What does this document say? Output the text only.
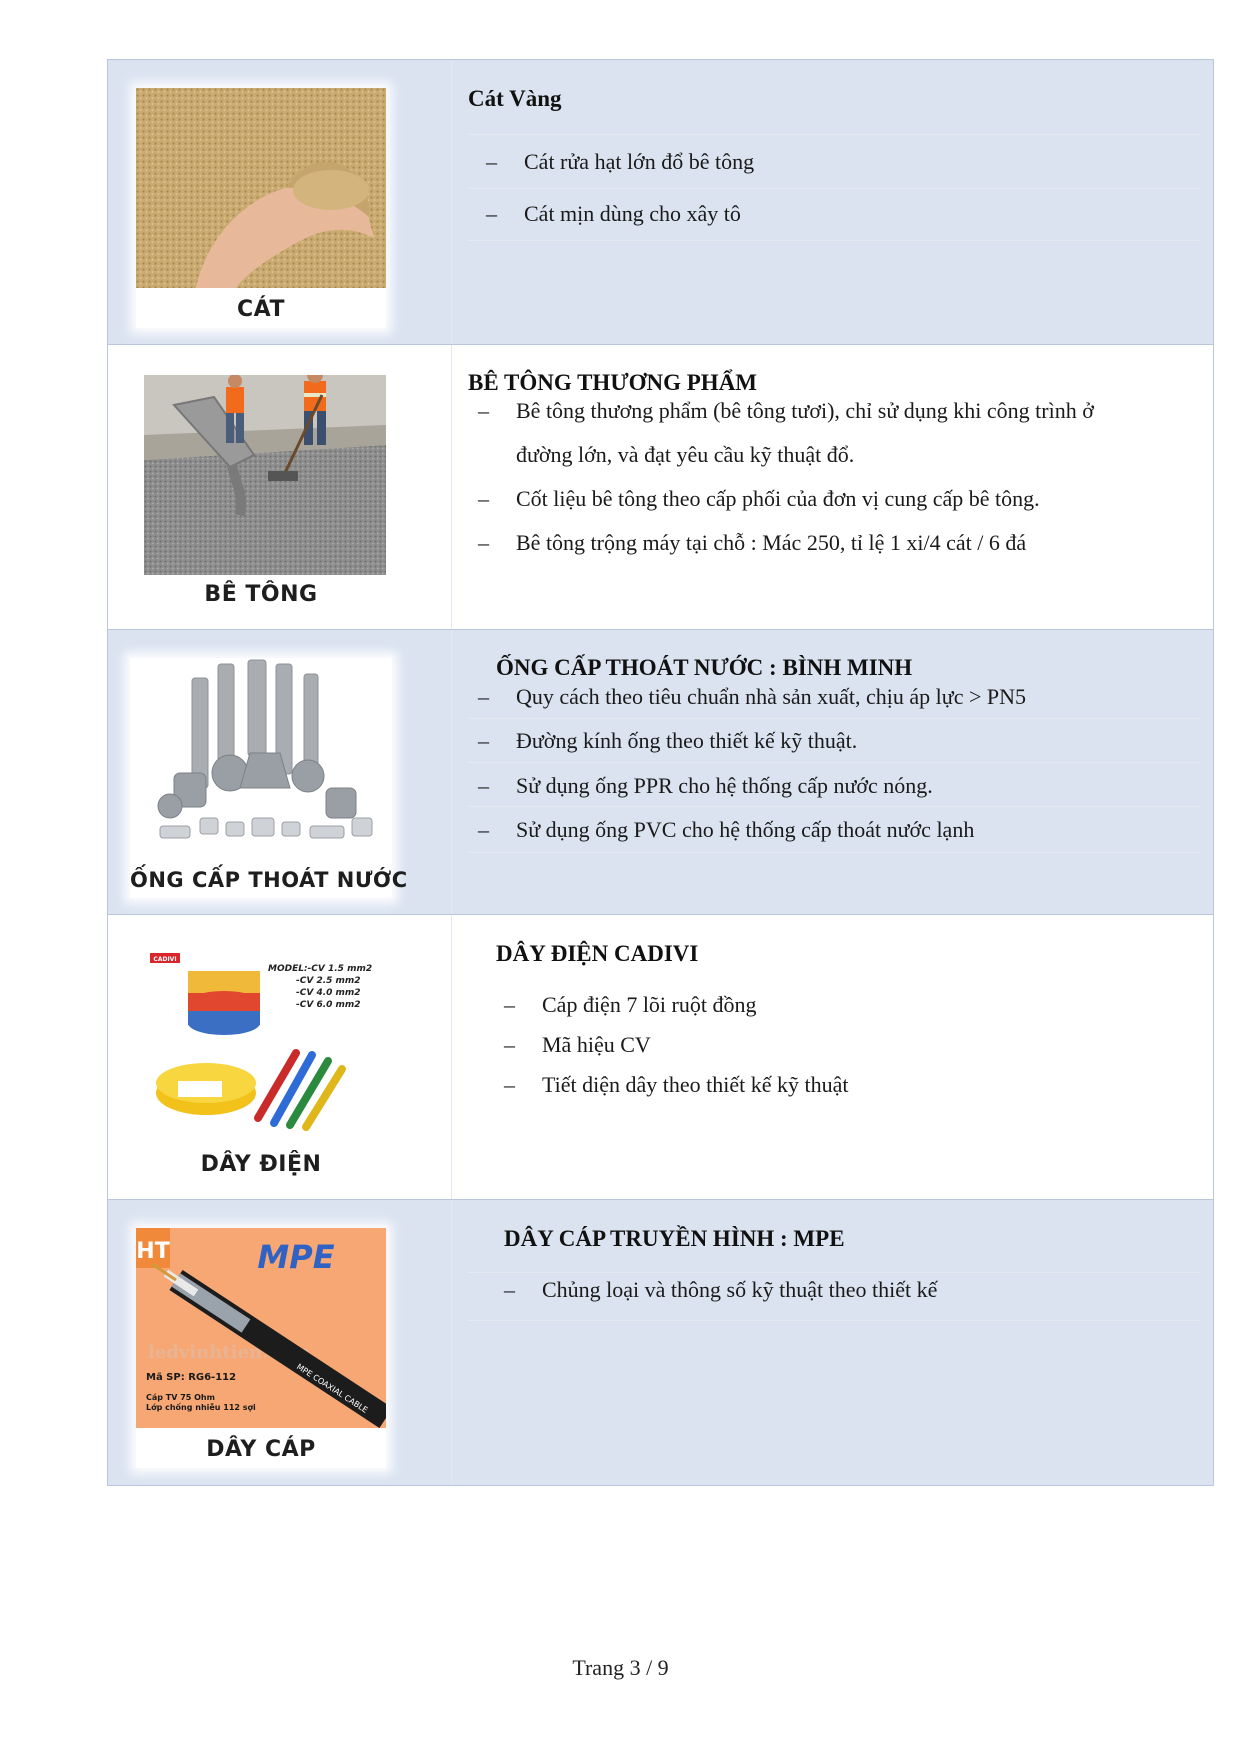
CÁT
Cát Vàng
– Cát rửa hạt lớn đổ bê tông
– Cát mịn dùng cho xây tô
BÊ TÔNG
BÊ TÔNG THƯƠNG PHẨM
– Bê tông thương phẩm (bê tông tươi), chỉ sử dụng khi công trình ở
đường lớn, và đạt yêu cầu kỹ thuật đổ.
– Cốt liệu bê tông theo cấp phối của đơn vị cung cấp bê tông.
– Bê tông trộng máy tại chỗ : Mác 250, tỉ lệ 1 xi/4 cát / 6 đá
ỐNG CẤP THOÁT NƯỚC
ỐNG CẤP THOÁT NƯỚC : BÌNH MINH
– Quy cách theo tiêu chuẩn nhà sản xuất, chịu áp lực > PN5
– Đường kính ống theo thiết kế kỹ thuật.
– Sử dụng ống PPR cho hệ thống cấp nước nóng.
– Sử dụng ống PVC cho hệ thống cấp thoát nước lạnh
CADIVI
MODEL:-CV 1.5 mm2
-CV 2.5 mm2
-CV 4.0 mm2
-CV 6.0 mm2
DÂY ĐIỆN
DÂY ĐIỆN CADIVI
– Cáp điện 7 lõi ruột đồng
– Mã hiệu CV
– Tiết diện dây theo thiết kế kỹ thuật
HT	MPE
ledvinhtien.com
MPE COAXIAL CABLE
Mã SP: RG6-112
Cáp TV 75 Ohm
Lớp chống nhiễu 112 sợi
DÂY CÁP
DÂY CÁP TRUYỀN HÌNH : MPE
– Chủng loại và thông số kỹ thuật theo thiết kế
Trang 3 / 9
